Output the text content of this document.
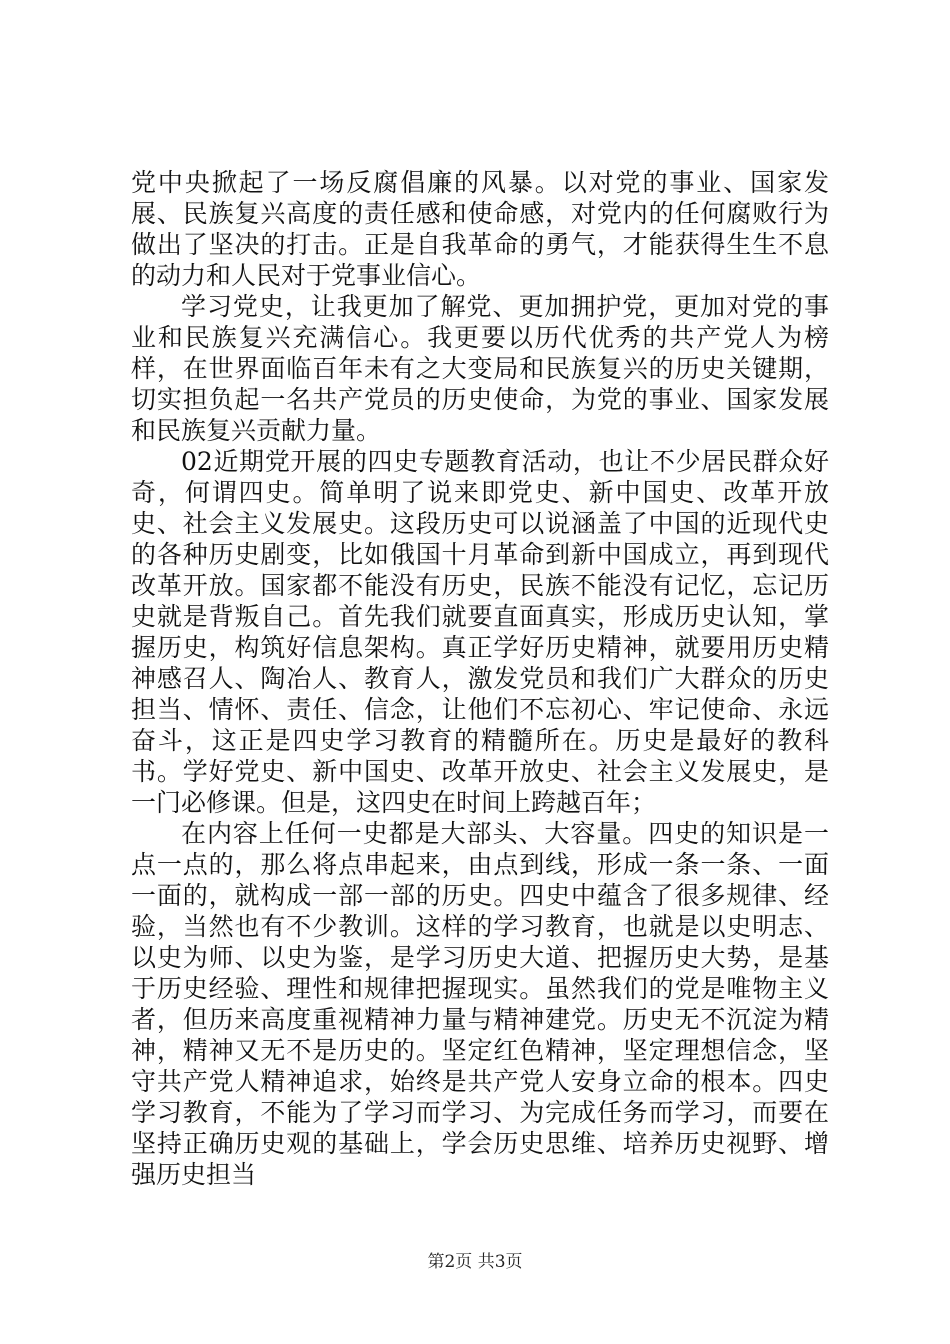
党中央掀起了一场反腐倡廉的风暴。以对党的事业、国家发展、民族复兴高度的责任感和使命感，对党内的任何腐败行为做出了坚决的打击。正是自我革命的勇气，才能获得生生不息的动力和人民对于党事业信心。

学习党史，让我更加了解党、更加拥护党，更加对党的事业和民族复兴充满信心。我更要以历代优秀的共产党人为榜样，在世界面临百年未有之大变局和民族复兴的历史关键期，切实担负起一名共产党员的历史使命，为党的事业、国家发展和民族复兴贡献力量。

02近期党开展的四史专题教育活动，也让不少居民群众好奇，何谓四史。简单明了说来即党史、新中国史、改革开放史、社会主义发展史。这段历史可以说涵盖了中国的近现代史的各种历史剧变，比如俄国十月革命到新中国成立，再到现代改革开放。国家都不能没有历史，民族不能没有记忆，忘记历史就是背叛自己。首先我们就要直面真实，形成历史认知，掌握历史，构筑好信息架构。真正学好历史精神，就要用历史精神感召人、陶冶人、教育人，激发党员和我们广大群众的历史担当、情怀、责任、信念，让他们不忘初心、牢记使命、永远奋斗，这正是四史学习教育的精髓所在。历史是最好的教科书。学好党史、新中国史、改革开放史、社会主义发展史，是一门必修课。但是，这四史在时间上跨越百年；

在内容上任何一史都是大部头、大容量。四史的知识是一点一点的，那么将点串起来，由点到线，形成一条一条、一面一面的，就构成一部一部的历史。四史中蕴含了很多规律、经验，当然也有不少教训。这样的学习教育，也就是以史明志、以史为师、以史为鉴，是学习历史大道、把握历史大势，是基于历史经验、理性和规律把握现实。虽然我们的党是唯物主义者，但历来高度重视精神力量与精神建党。历史无不沉淀为精神，精神又无不是历史的。坚定红色精神，坚定理想信念，坚守共产党人精神追求，始终是共产党人安身立命的根本。四史学习教育，不能为了学习而学习、为完成任务而学习，而要在坚持正确历史观的基础上，学会历史思维、培养历史视野、增强历史担当

第2页 共3页
